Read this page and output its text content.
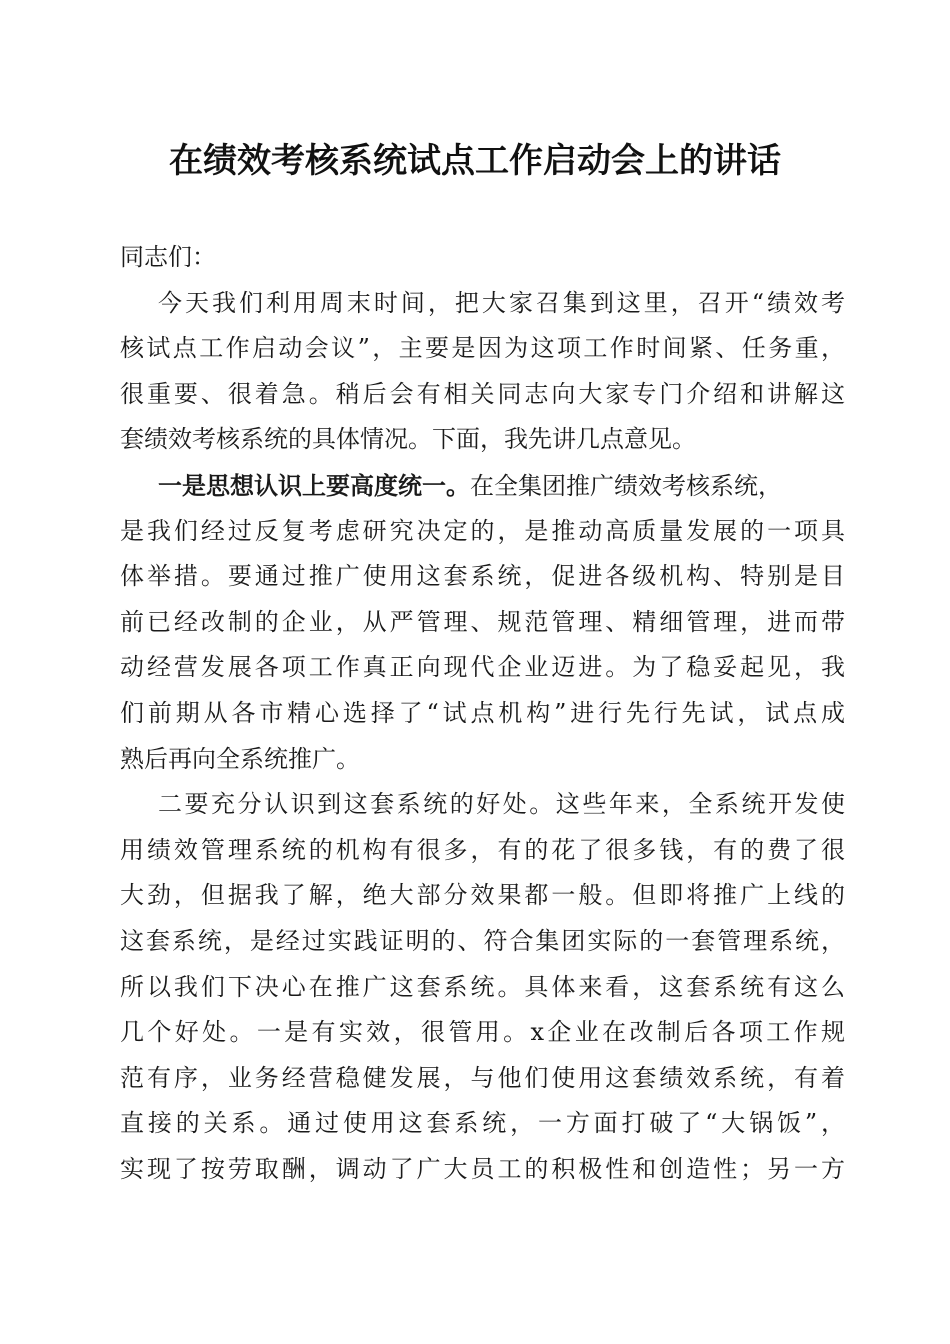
在绩效考核系统试点工作启动会上的讲话
同志们：
今天我们利用周末时间，把大家召集到这里，召开“绩效考
核试点工作启动会议”，主要是因为这项工作时间紧、任务重，
很重要、很着急。稍后会有相关同志向大家专门介绍和讲解这
套绩效考核系统的具体情况。下面，我先讲几点意见。
一是思想认识上要高度统一。在全集团推广绩效考核系统，
是我们经过反复考虑研究决定的，是推动高质量发展的一项具
体举措。要通过推广使用这套系统，促进各级机构、特别是目
前已经改制的企业，从严管理、规范管理、精细管理，进而带
动经营发展各项工作真正向现代企业迈进。为了稳妥起见，我
们前期从各市精心选择了“试点机构”进行先行先试，试点成
熟后再向全系统推广。
二要充分认识到这套系统的好处。这些年来，全系统开发使
用绩效管理系统的机构有很多，有的花了很多钱，有的费了很
大劲，但据我了解，绝大部分效果都一般。但即将推广上线的
这套系统，是经过实践证明的、符合集团实际的一套管理系统，
所以我们下决心在推广这套系统。具体来看，这套系统有这么
几个好处。一是有实效，很管用。x企业在改制后各项工作规
范有序，业务经营稳健发展，与他们使用这套绩效系统，有着
直接的关系。通过使用这套系统，一方面打破了“大锅饭”，
实现了按劳取酬，调动了广大员工的积极性和创造性；另一方
